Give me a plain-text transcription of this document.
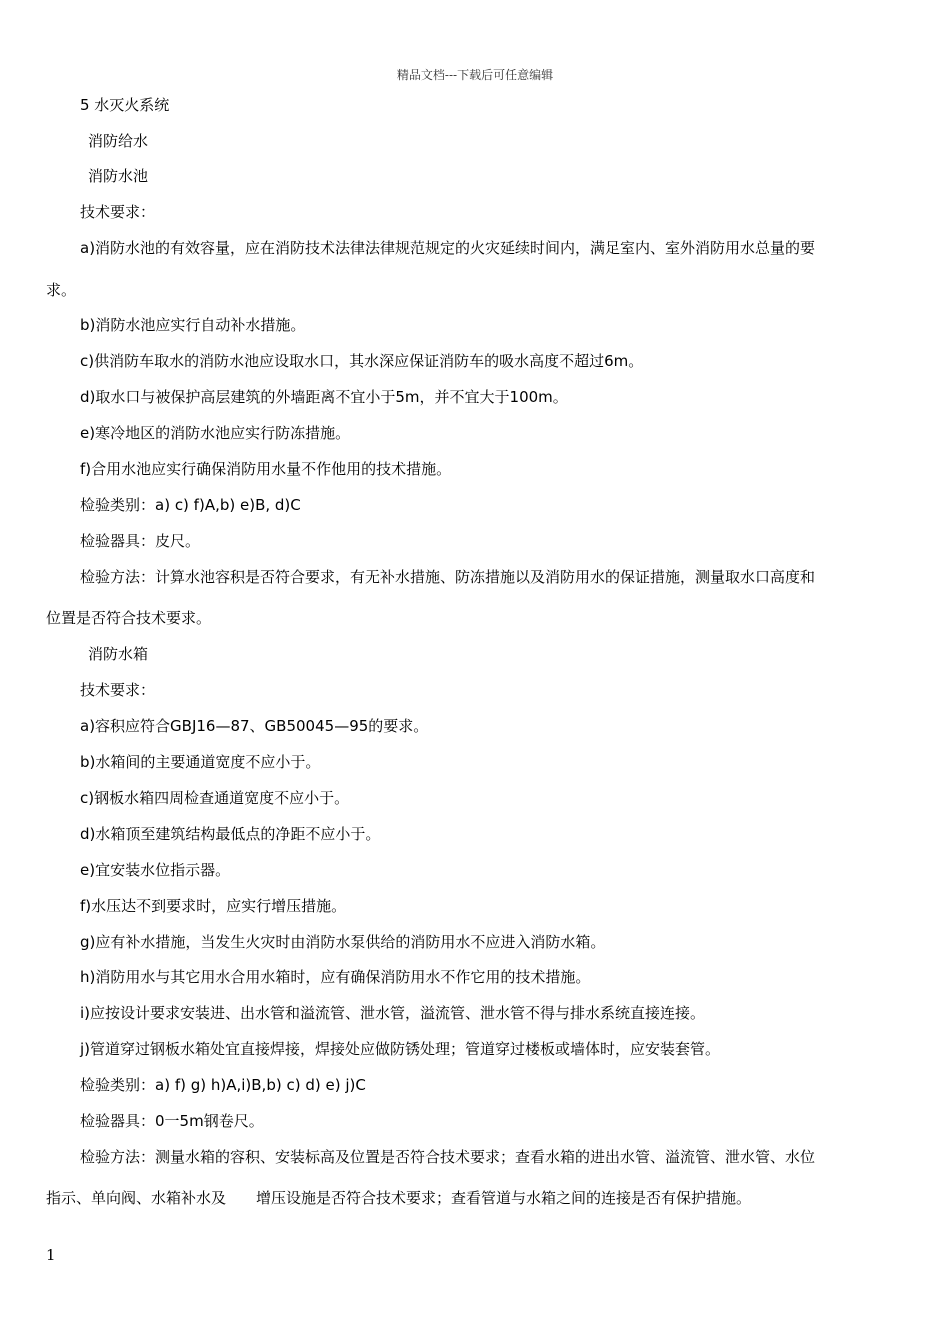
精品文档---下载后可任意编辑
5 水灭火系统
消防给水
消防水池
技术要求：
a)消防水池的有效容量，应在消防技术法律法律规范规定的火灾延续时间内，满足室内、室外消防用水总量的要
求。
b)消防水池应实行自动补水措施。
c)供消防车取水的消防水池应设取水口，其水深应保证消防车的吸水高度不超过6m。
d)取水口与被保护高层建筑的外墙距离不宜小于5m，并不宜大于100m。
e)寒冷地区的消防水池应实行防冻措施。
f)合用水池应实行确保消防用水量不作他用的技术措施。
检验类别：a) c) f)A,b) e)B, d)C
检验器具：皮尺。
检验方法：计算水池容积是否符合要求，有无补水措施、防冻措施以及消防用水的保证措施，测量取水口高度和
位置是否符合技术要求。
消防水箱
技术要求：
a)容积应符合GBJ16—87、GB50045—95的要求。
b)水箱间的主要通道宽度不应小于。
c)钢板水箱四周检查通道宽度不应小于。
d)水箱顶至建筑结构最低点的净距不应小于。
e)宜安装水位指示器。
f)水压达不到要求时，应实行增压措施。
g)应有补水措施，当发生火灾时由消防水泵供给的消防用水不应进入消防水箱。
h)消防用水与其它用水合用水箱时，应有确保消防用水不作它用的技术措施。
i)应按设计要求安装进、出水管和溢流管、泄水管，溢流管、泄水管不得与排水系统直接连接。
j)管道穿过钢板水箱处宜直接焊接，焊接处应做防锈处理；管道穿过楼板或墙体时，应安装套管。
检验类别：a) f) g) h)A,i)B,b) c) d) e) j)C
检验器具：0一5m钢卷尺。
检验方法：测量水箱的容积、安装标高及位置是否符合技术要求；查看水箱的进出水管、溢流管、泄水管、水位
指示、单向阀、水箱补水及　　增压设施是否符合技术要求；查看管道与水箱之间的连接是否有保护措施。
1
